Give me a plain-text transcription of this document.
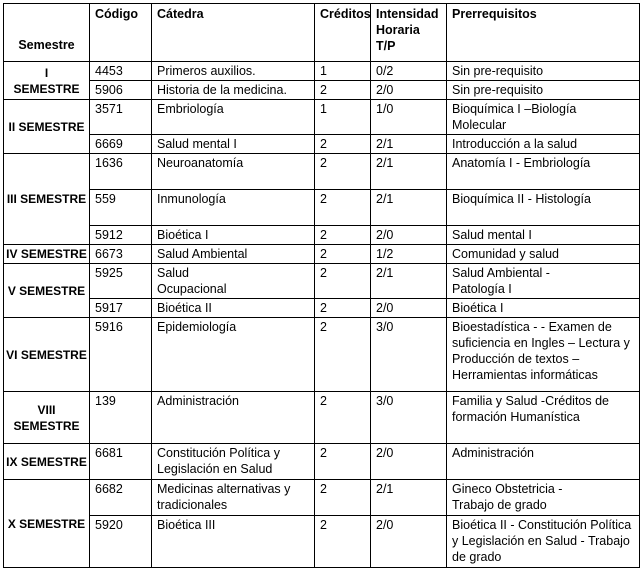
Semestre	Código	Cátedra	Créditos	Intensidad
Horaria
T/P	Prerrequisitos
I
SEMESTRE	4453	Primeros auxilios.	1	0/2	Sin pre-requisito
	5906	Historia de la medicina.	2	2/0	Sin pre-requisito
II SEMESTRE	3571	Embriología	1	1/0	Bioquímica I –Biología Molecular
	6669	Salud mental I	2	2/1	Introducción a la salud
III SEMESTRE	1636	Neuroanatomía	2	2/1	Anatomía I - Embriología
	559	Inmunología	2	2/1	Bioquímica II - Histología
	5912	Bioética I	2	2/0	Salud mental I
IV SEMESTRE	6673	Salud Ambiental	2	1/2	Comunidad y salud
V SEMESTRE	5925	Salud
Ocupacional	2	2/1	Salud Ambiental -
Patología I
	5917	Bioética II	2	2/0	Bioética I
VI SEMESTRE	5916	Epidemiología	2	3/0	Bioestadística - - Examen de suficiencia en Ingles – Lectura y Producción de textos – Herramientas informáticas
VIII SEMESTRE	139	Administración	2	3/0	Familia y Salud -Créditos de formación Humanística
IX SEMESTRE	6681	Constitución Política y Legislación en Salud	2	2/0	Administración
X SEMESTRE	6682	Medicinas alternativas y tradicionales	2	2/1	Gineco Obstetricia -
Trabajo de grado
	5920	Bioética III	2	2/0	Bioética II - Constitución Política y Legislación en Salud - Trabajo de grado
